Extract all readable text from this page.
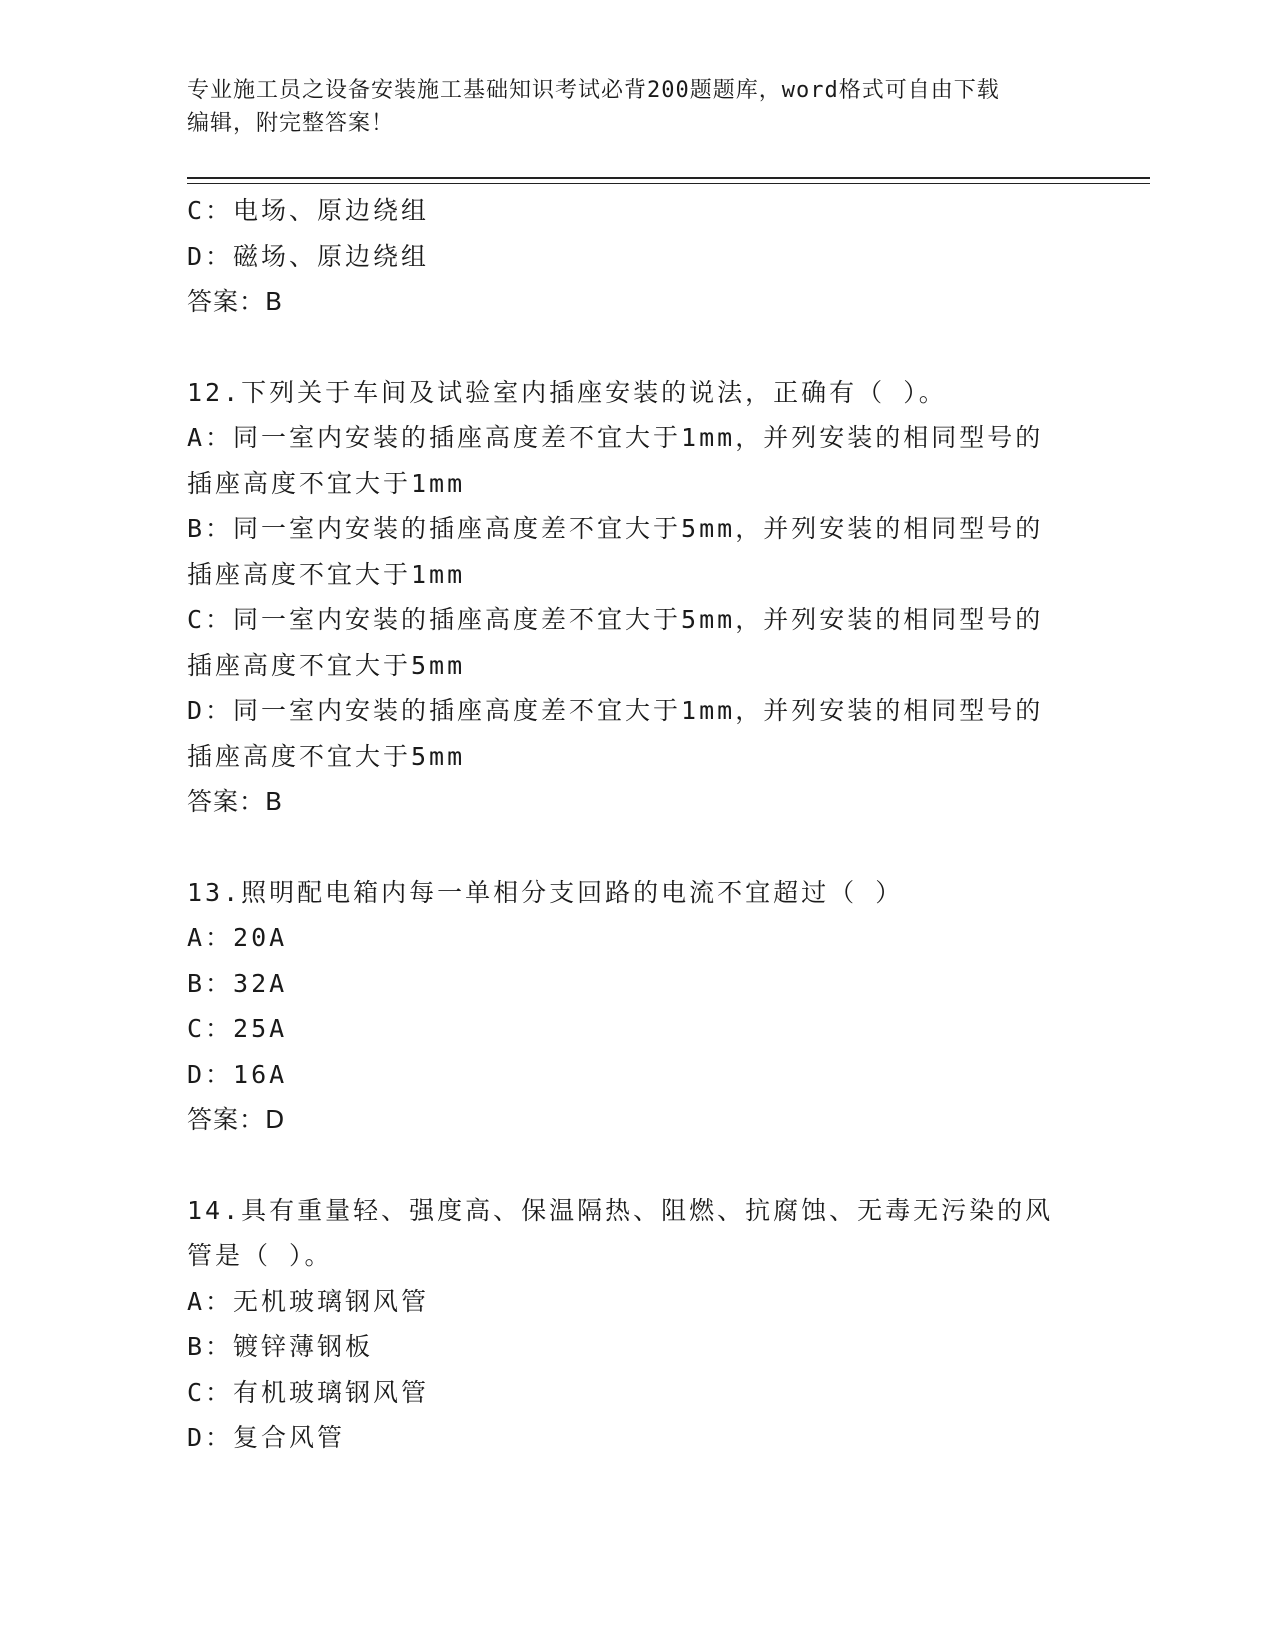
专业施工员之设备安装施工基础知识考试必背200题题库，word格式可自由下载
编辑，附完整答案！
C：电场、原边绕组
D：磁场、原边绕组
答案：B
12.下列关于车间及试验室内插座安装的说法，正确有（ ）。
A：同一室内安装的插座高度差不宜大于1mm，并列安装的相同型号的
插座高度不宜大于1mm
B：同一室内安装的插座高度差不宜大于5mm，并列安装的相同型号的
插座高度不宜大于1mm
C：同一室内安装的插座高度差不宜大于5mm，并列安装的相同型号的
插座高度不宜大于5mm
D：同一室内安装的插座高度差不宜大于1mm，并列安装的相同型号的
插座高度不宜大于5mm
答案：B
13.照明配电箱内每一单相分支回路的电流不宜超过（ ）
A：20A
B：32A
C：25A
D：16A
答案：D
14.具有重量轻、强度高、保温隔热、阻燃、抗腐蚀、无毒无污染的风
管是（ ）。
A：无机玻璃钢风管
B：镀锌薄钢板
C：有机玻璃钢风管
D：复合风管
